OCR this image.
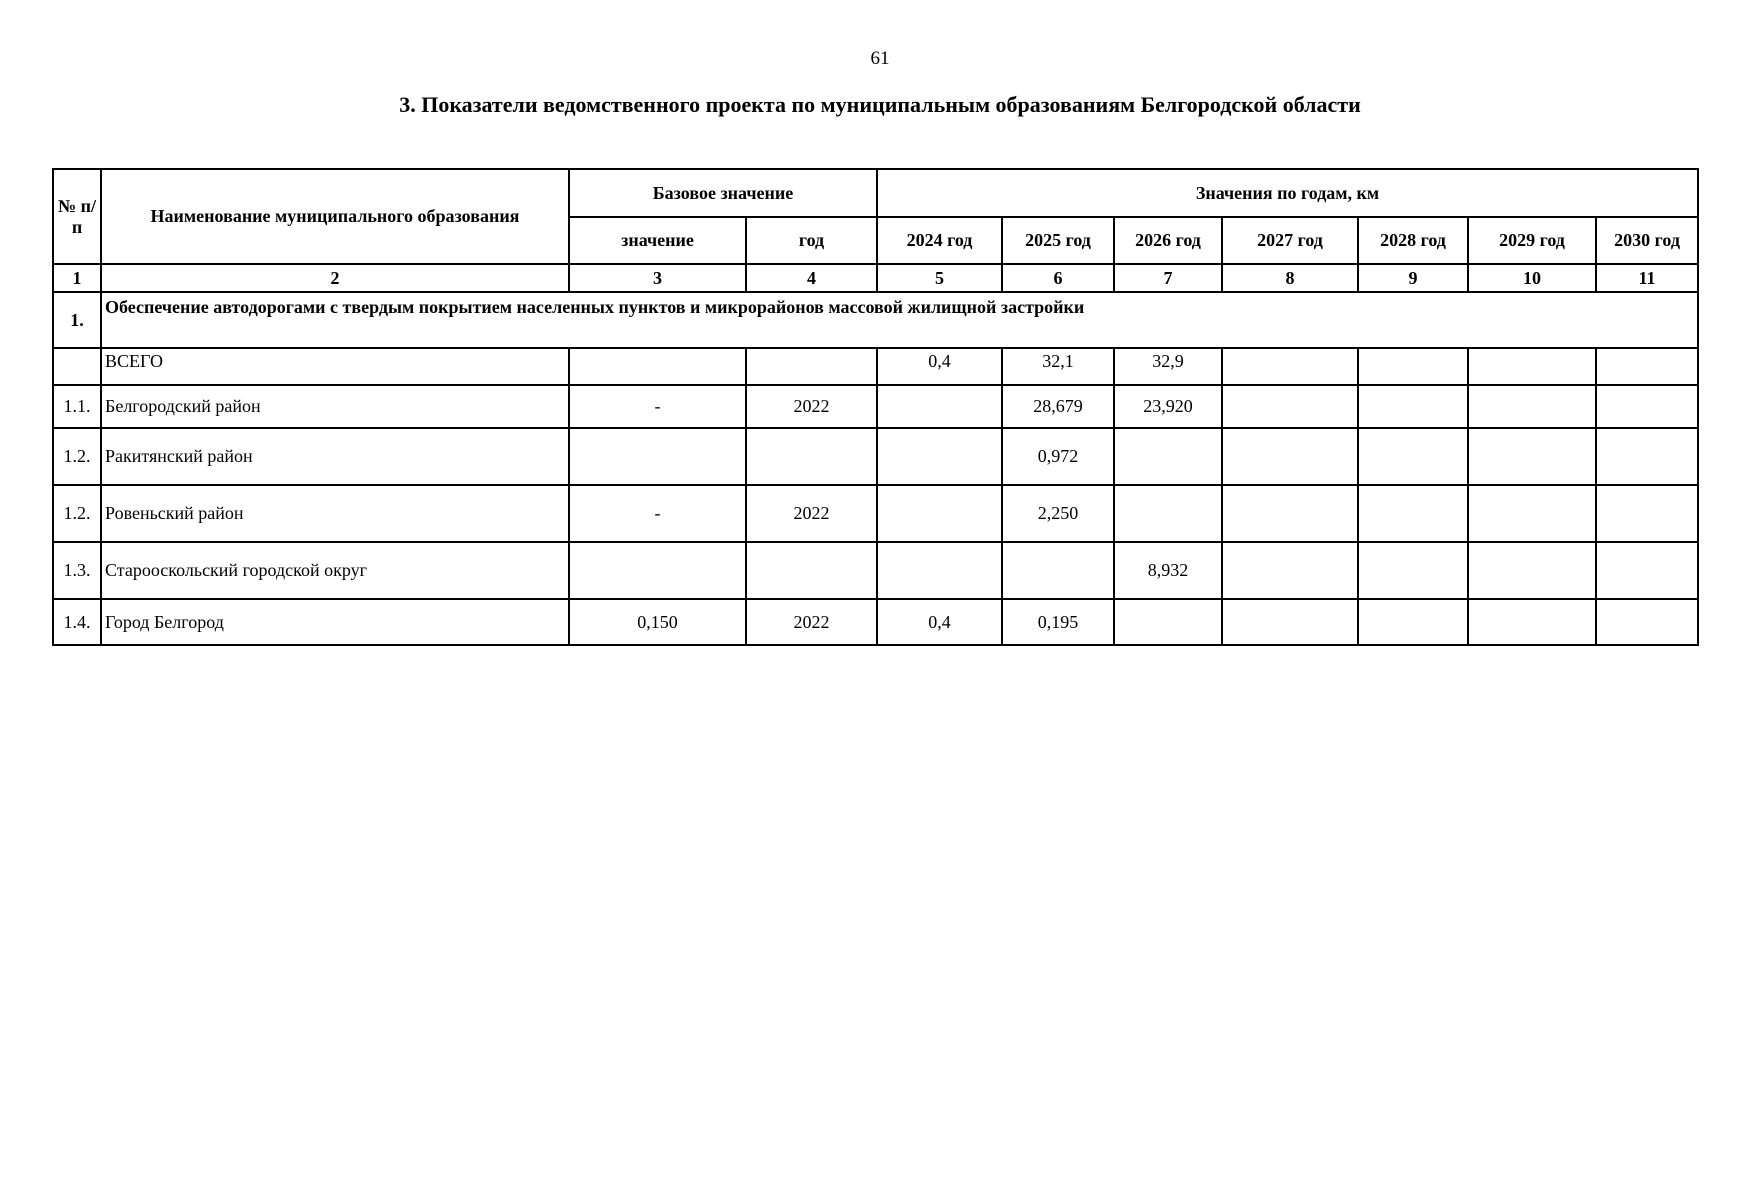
61
3. Показатели ведомственного проекта по муниципальным образованиям Белгородской области
№ п/п	Наименование муниципального образования	Базовое значение		Значения по годам, км						
		значение	год	2024 год	2025 год	2026 год	2027 год	2028 год	2029 год	2030 год
1	2	3	4	5	6	7	8	9	10	11
1.	Обеспечение автодорогами с твердым покрытием населенных пунктов и микрорайонов массовой жилищной застройки									
	ВСЕГО			0,4	32,1	32,9				
1.1.	Белгородский район	-	2022		28,679	23,920				
1.2.	Ракитянский район				0,972					
1.2.	Ровеньский район	-	2022		2,250					
1.3.	Старооскольский городской округ					8,932				
1.4.	Город Белгород	0,150	2022	0,4	0,195					
